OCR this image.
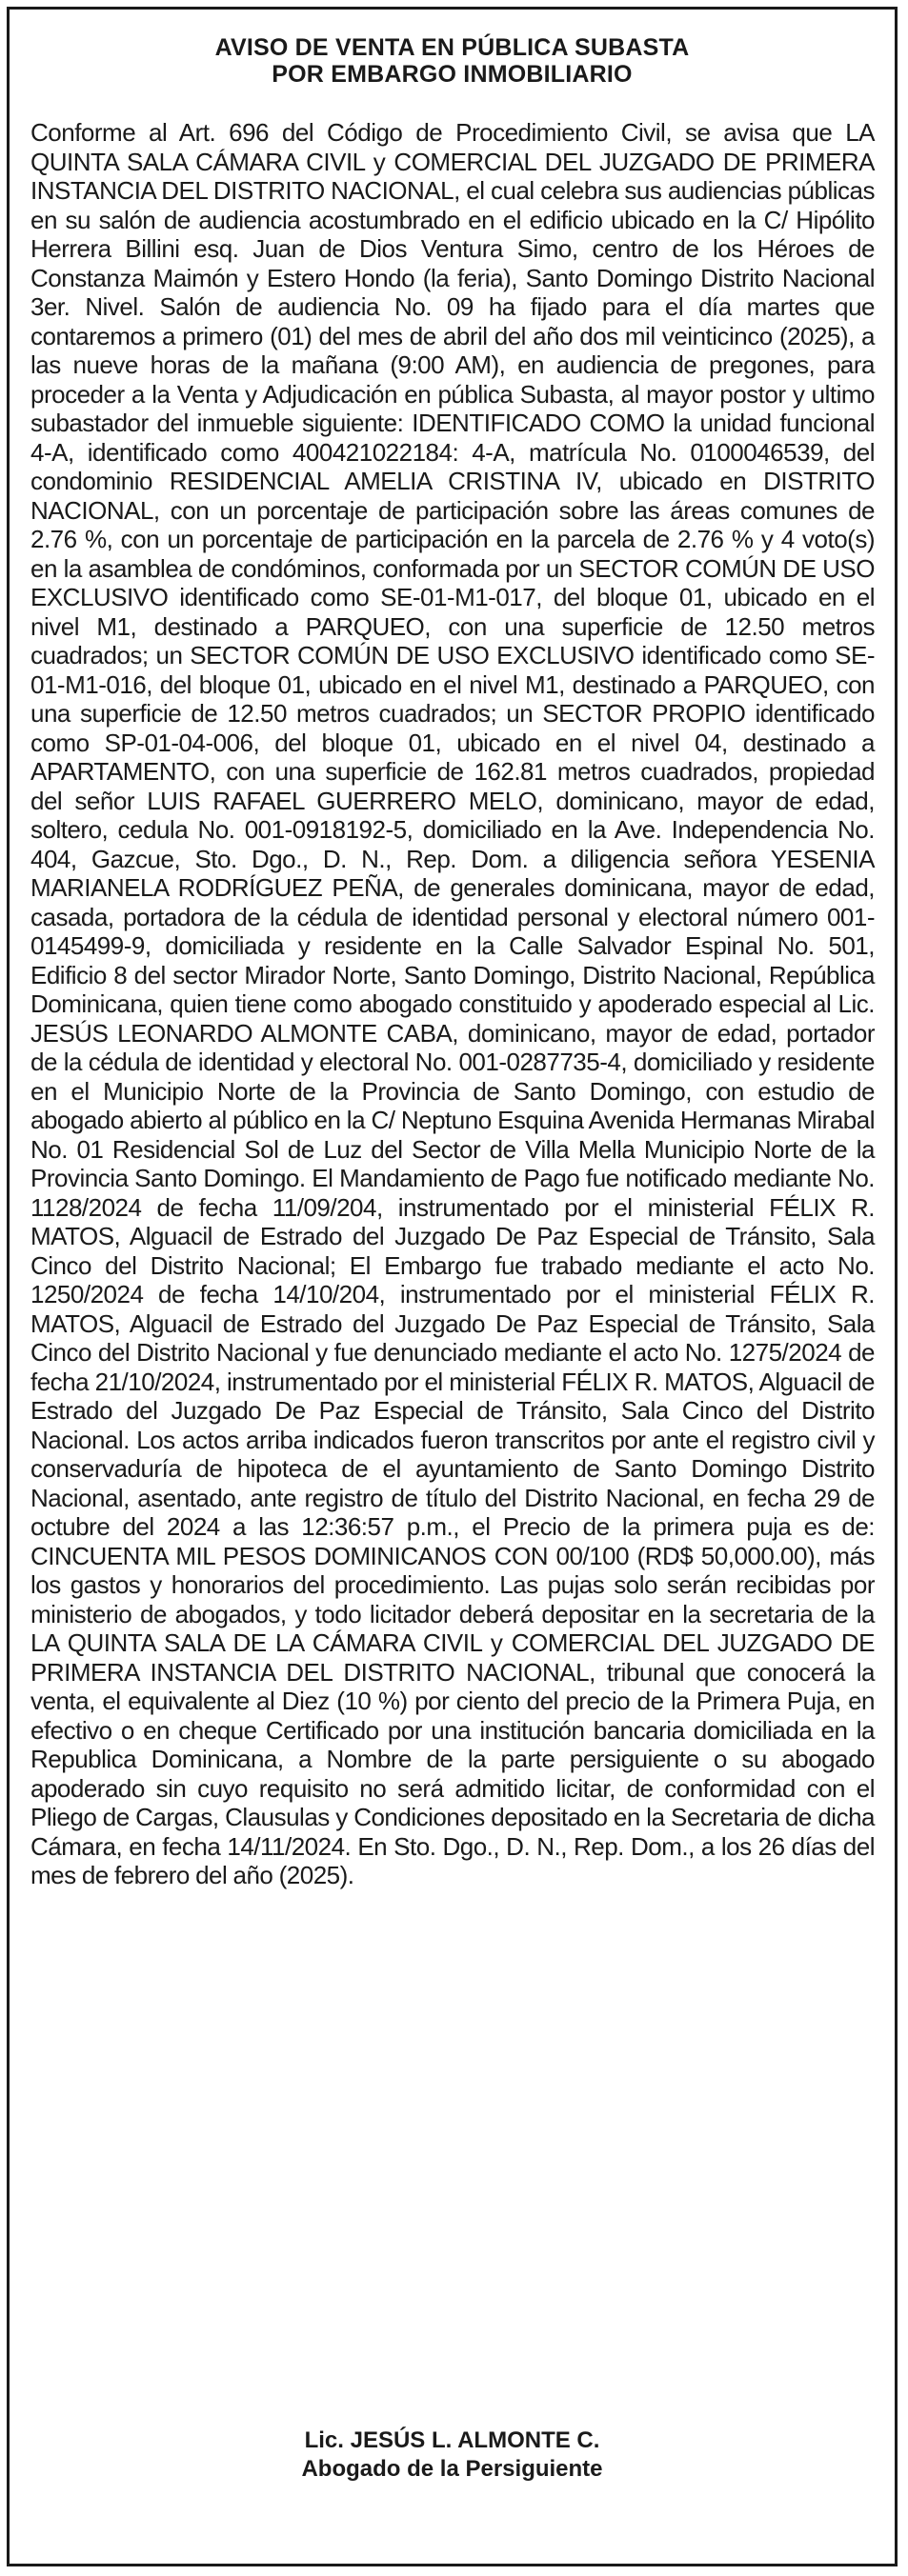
AVISO DE VENTA EN PÚBLICA SUBASTA
POR EMBARGO INMOBILIARIO

Conforme al Art. 696 del Código de Procedimiento Civil, se avisa que LA QUINTA SALA CÁMARA CIVIL y COMERCIAL DEL JUZGADO DE PRIMERA INSTANCIA DEL DISTRITO NACIONAL, el cual celebra sus audiencias públicas en su salón de audiencia acostumbrado en el edificio ubicado en la C/ Hipólito Herrera Billini esq. Juan de Dios Ventura Simo, centro de los Héroes de Constanza Maimón y Estero Hondo (la feria), Santo Domingo Distrito Nacional 3er. Nivel. Salón de audiencia No. 09 ha fijado para el día martes que contaremos a primero (01) del mes de abril del año dos mil veinticinco (2025), a las nueve horas de la mañana (9:00 AM), en audiencia de pregones, para proceder a la Venta y Adjudicación en pública Subasta, al mayor postor y ultimo subastador del inmueble siguiente: IDENTIFICADO COMO la unidad funcional 4-A, identificado como 400421022184: 4-A, matrícula No. 0100046539, del condominio RESIDENCIAL AMELIA CRISTINA IV, ubicado en DISTRITO NACIONAL, con un porcentaje de participación sobre las áreas comunes de 2.76 %, con un porcentaje de participación en la parcela de 2.76 % y 4 voto(s) en la asamblea de condóminos, conformada por un SECTOR COMÚN DE USO EXCLUSIVO identificado como SE-01-M1-017, del bloque 01, ubicado en el nivel M1, destinado a PARQUEO, con una superficie de 12.50 metros cuadrados; un SECTOR COMÚN DE USO EXCLUSIVO identificado como SE-01-M1-016, del bloque 01, ubicado en el nivel M1, destinado a PARQUEO, con una superficie de 12.50 metros cuadrados; un SECTOR PROPIO identificado como SP-01-04-006, del bloque 01, ubicado en el nivel 04, destinado a APARTAMENTO, con una superficie de 162.81 metros cuadrados, propiedad del señor LUIS RAFAEL GUERRERO MELO, dominicano, mayor de edad, soltero, cedula No. 001-0918192-5, domiciliado en la Ave. Independencia No. 404, Gazcue, Sto. Dgo., D. N., Rep. Dom. a diligencia señora YESENIA MARIANELA RODRÍGUEZ PEÑA, de generales dominicana, mayor de edad, casada, portadora de la cédula de identidad personal y electoral número 001-0145499-9, domiciliada y residente en la Calle Salvador Espinal No. 501, Edificio 8 del sector Mirador Norte, Santo Domingo, Distrito Nacional, República Dominicana, quien tiene como abogado constituido y apoderado especial al Lic. JESÚS LEONARDO ALMONTE CABA, dominicano, mayor de edad, portador de la cédula de identidad y electoral No. 001-0287735-4, domiciliado y residente en el Municipio Norte de la Provincia de Santo Domingo, con estudio de abogado abierto al público en la C/ Neptuno Esquina Avenida Hermanas Mirabal No. 01 Residencial Sol de Luz del Sector de Villa Mella Municipio Norte de la Provincia Santo Domingo. El Mandamiento de Pago fue notificado mediante No. 1128/2024 de fecha 11/09/204, instrumentado por el ministerial FÉLIX R. MATOS, Alguacil de Estrado del Juzgado De Paz Especial de Tránsito, Sala Cinco del Distrito Nacional; El Embargo fue trabado mediante el acto No. 1250/2024 de fecha 14/10/204, instrumentado por el ministerial FÉLIX R. MATOS, Alguacil de Estrado del Juzgado De Paz Especial de Tránsito, Sala Cinco del Distrito Nacional y fue denunciado mediante el acto No. 1275/2024 de fecha 21/10/2024, instrumentado por el ministerial FÉLIX R. MATOS, Alguacil de Estrado del Juzgado De Paz Especial de Tránsito, Sala Cinco del Distrito Nacional. Los actos arriba indicados fueron transcritos por ante el registro civil y conservaduría de hipoteca de el ayuntamiento de Santo Domingo Distrito Nacional, asentado, ante registro de título del Distrito Nacional, en fecha 29 de octubre del 2024 a las 12:36:57 p.m., el Precio de la primera puja es de: CINCUENTA MIL PESOS DOMINICANOS CON 00/100 (RD$ 50,000.00), más los gastos y honorarios del procedimiento. Las pujas solo serán recibidas por ministerio de abogados, y todo licitador deberá depositar en la secretaria de la LA QUINTA SALA DE LA CÁMARA CIVIL y COMERCIAL DEL JUZGADO DE PRIMERA INSTANCIA DEL DISTRITO NACIONAL, tribunal que conocerá la venta, el equivalente al Diez (10 %) por ciento del precio de la Primera Puja, en efectivo o en cheque Certificado por una institución bancaria domiciliada en la Republica Dominicana, a Nombre de la parte persiguiente o su abogado apoderado sin cuyo requisito no será admitido licitar, de conformidad con el Pliego de Cargas, Clausulas y Condiciones depositado en la Secretaria de dicha Cámara, en fecha 14/11/2024. En Sto. Dgo., D. N., Rep. Dom., a los 26 días del mes de febrero del año (2025).

Lic. JESÚS L. ALMONTE C.
Abogado de la Persiguiente
